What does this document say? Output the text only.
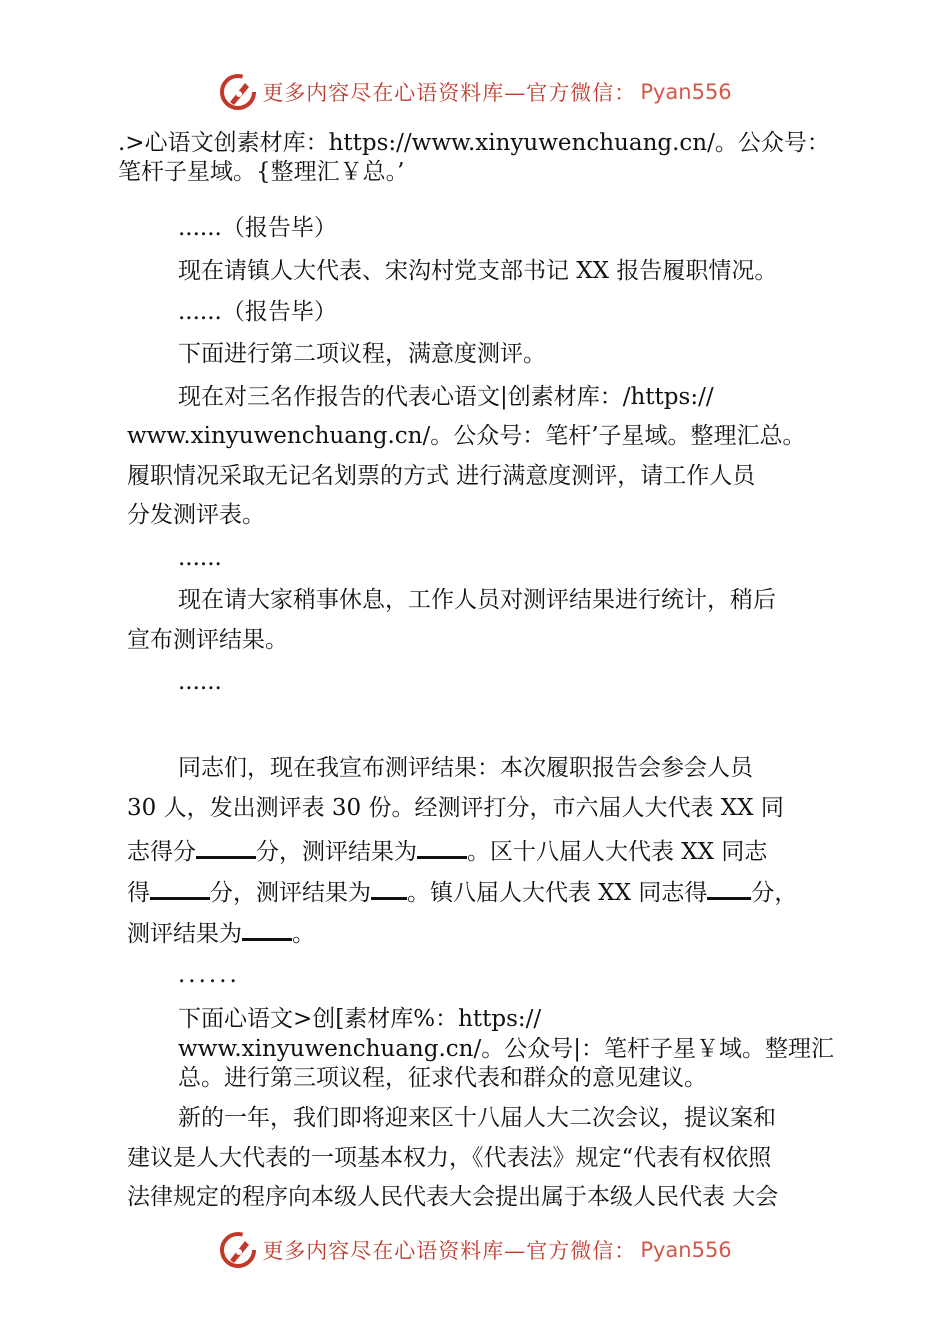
更多内容尽在心语资料库—官方微信： Pyan556
.>心语文创素材库：https://www.xinyuwenchuang.cn/。公众号：
笔杆子星域。{整理汇￥总。’
......（报告毕）
现在请镇人大代表、宋沟村党支部书记 XX 报告履职情况。
......（报告毕）
下面进行第二项议程，满意度测评。
现在对三名作报告的代表心语文|创素材库：/https://
www.xinyuwenchuang.cn/。公众号：笔杆’子星域。整理汇总。
履职情况采取无记名划票的方式 进行满意度测评，请工作人员
分发测评表。
......
现在请大家稍事休息，工作人员对测评结果进行统计，稍后
宣布测评结果。
......
同志们，现在我宣布测评结果：本次履职报告会参会人员
30 人，发出测评表 30 份。经测评打分，市六届人大代表 XX 同
志得分	分，测评结果为 。区十八届人大代表 XX 同志
得	分，测评结果为 。镇八届人大代表 XX 同志得 分，
测评结果为 。
......
下面心语文>创[素材库%：https://
www.xinyuwenchuang.cn/。公众号|：笔杆子星￥域。整理汇
总。进行第三项议程，征求代表和群众的意见建议。
新的一年，我们即将迎来区十八届人大二次会议，提议案和
建议是人大代表的一项基本权力，《代表法》规定“代表有权依照
法律规定的程序向本级人民代表大会提出属于本级人民代表 大会
更多内容尽在心语资料库—官方微信： Pyan556
